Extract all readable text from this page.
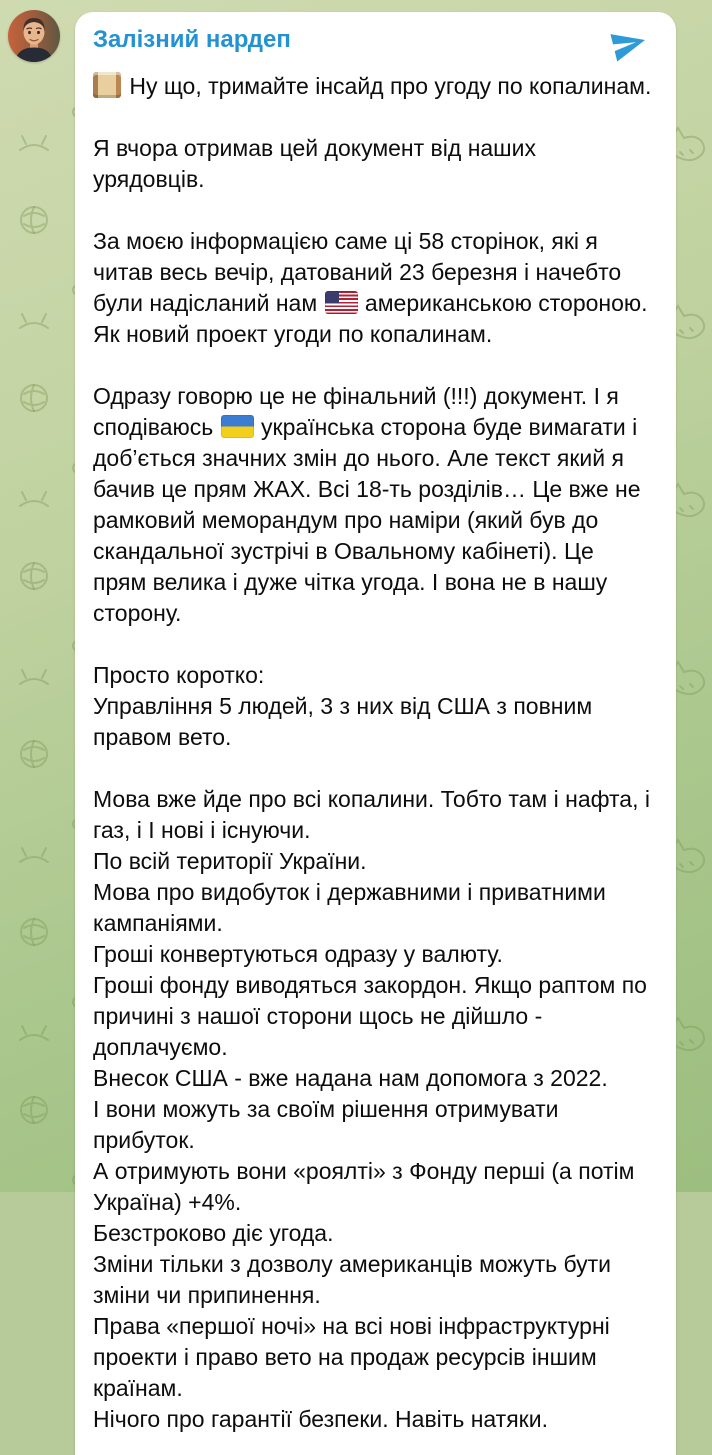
Залізний нардеп
Ну що, тримайте інсайд про угоду по копалинам.
Я вчора отримав цей документ від наших урядовців.
За моєю інформацією саме ці 58 сторінок, які я читав весь вечір, датований 23 березня і начебто були надісланий нам  американською стороною. Як новий проект угоди по копалинам.
Одразу говорю це не фінальний (!!!) документ. І я сподіваюсь  українська сторона буде вимагати і доб’ється значних змін до нього. Але текст який я бачив це прям ЖАХ. Всі 18-ть розділів… Це вже не рамковий меморандум про наміри (який був до скандальної зустрічі в Овальному кабінеті). Це прям велика і дуже чітка угода. І вона не в нашу сторону.
Просто коротко:
Управління 5 людей, 3 з них від США з повним правом вето.
Мова вже йде про всі копалини. Тобто там і нафта, і газ, і І нові і існуючи.
По всій території України.
Мова про видобуток і державними і приватними кампаніями.
Гроші конвертуються одразу у валюту.
Гроші фонду виводяться закордон. Якщо раптом по причині з нашої сторони щось не дійшло - доплачуємо.
Внесок США - вже надана нам допомога з 2022.
І вони можуть за своїм рішення отримувати прибуток.
А отримують вони «роялті» з Фонду перші (а потім Україна) +4%.
Безстроково діє угода.
Зміни тільки з дозволу американців можуть бути зміни чи припинення.
Права «першої ночі» на всі нові інфраструктурні проекти і право вето на продаж ресурсів іншим країнам.
Нічого про гарантії безпеки. Навіть натяки.
